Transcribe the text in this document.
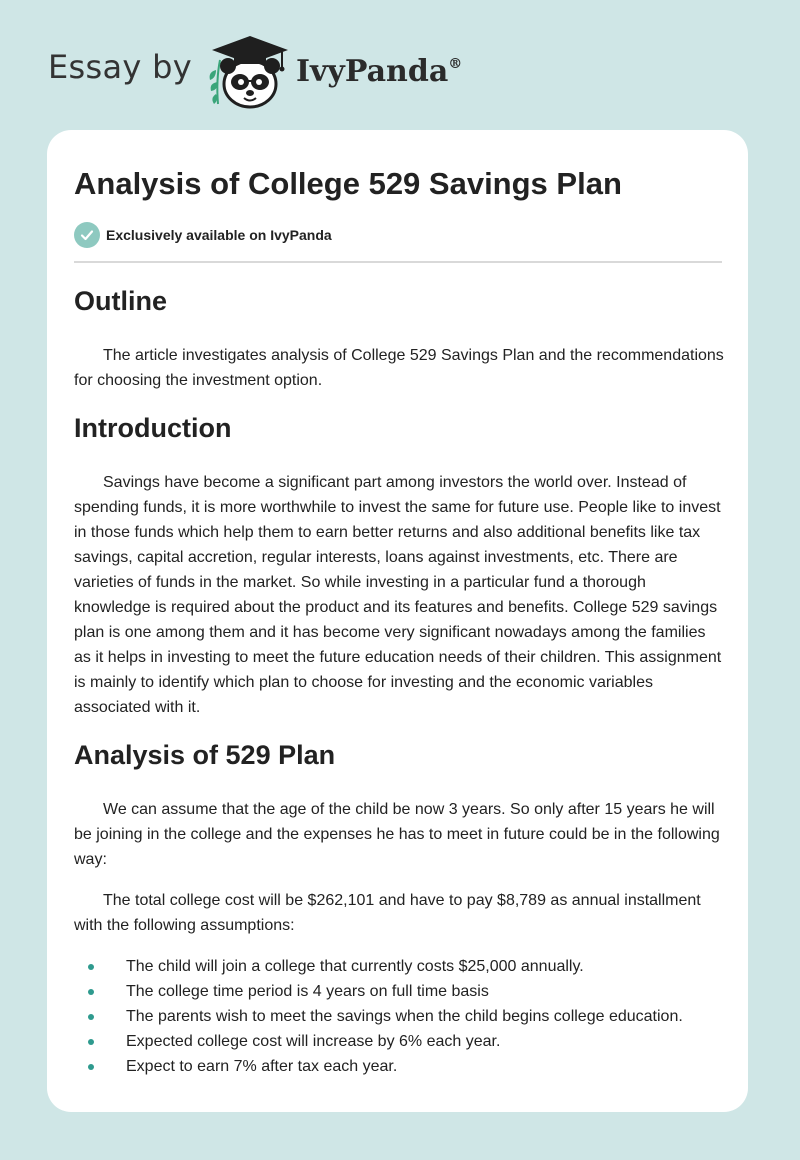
Essay by	IvyPanda®
Analysis of College 529 Savings Plan
Exclusively available on IvyPanda
Outline

The article investigates analysis of College 529 Savings Plan and the recommendations for choosing the investment option.

Introduction

Savings have become a significant part among investors the world over. Instead of spending funds, it is more worthwhile to invest the same for future use. People like to invest in those funds which help them to earn better returns and also additional benefits like tax savings, capital accretion, regular interests, loans against investments, etc. There are varieties of funds in the market. So while investing in a particular fund a thorough knowledge is required about the product and its features and benefits. College 529 savings plan is one among them and it has become very significant nowadays among the families as it helps in investing to meet the future education needs of their children. This assignment is mainly to identify which plan to choose for investing and the economic variables associated with it.

Analysis of 529 Plan

We can assume that the age of the child be now 3 years. So only after 15 years he will be joining in the college and the expenses he has to meet in future could be in the following way:

The total college cost will be $262,101 and have to pay $8,789 as annual installment with the following assumptions:

The child will join a college that currently costs $25,000 annually.
The college time period is 4 years on full time basis
The parents wish to meet the savings when the child begins college education.
Expected college cost will increase by 6% each year.
Expect to earn 7% after tax each year.
